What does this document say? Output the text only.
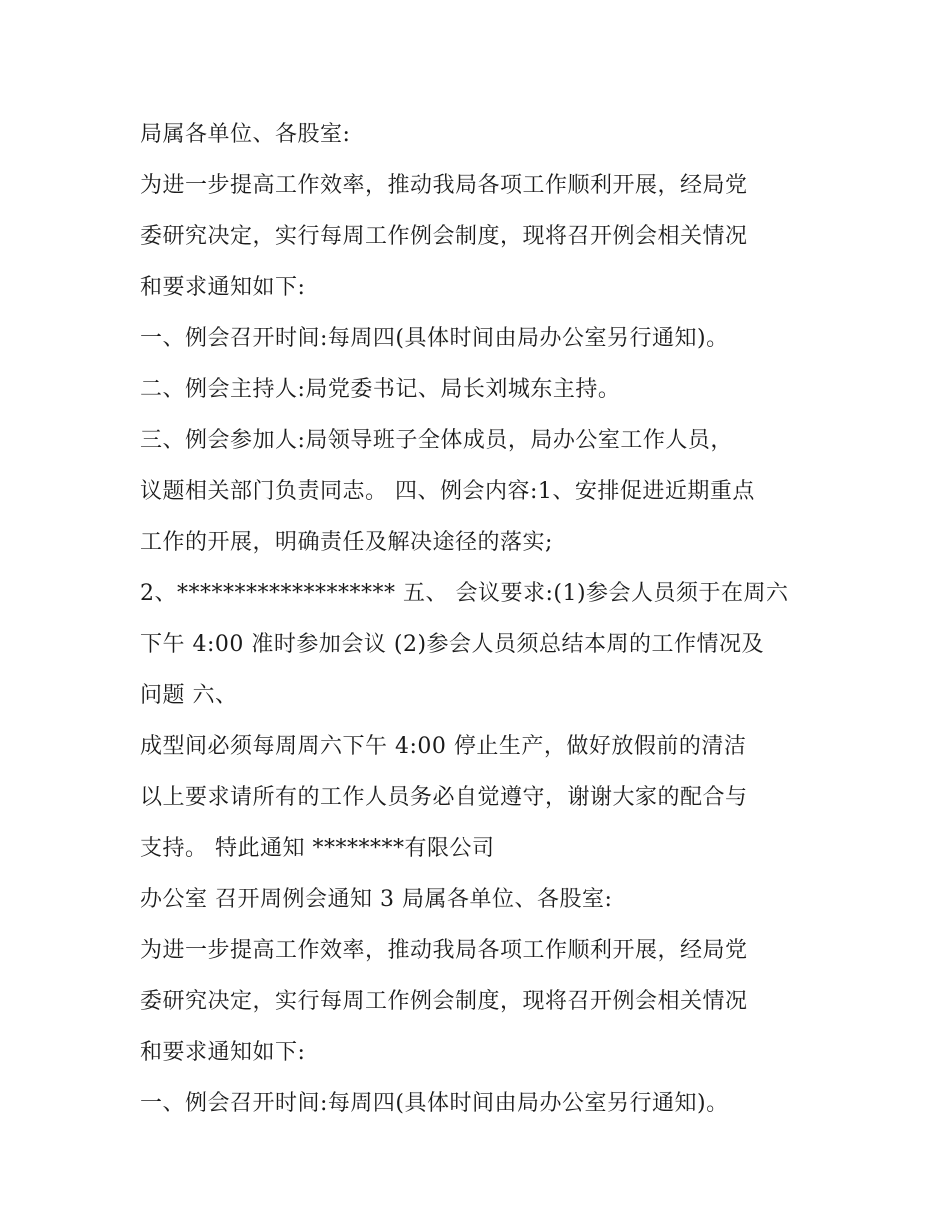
局属各单位、各股室:
为进一步提高工作效率，推动我局各项工作顺利开展，经局党
委研究决定，实行每周工作例会制度，现将召开例会相关情况
和要求通知如下:
一、例会召开时间:每周四(具体时间由局办公室另行通知)。
二、例会主持人:局党委书记、局长刘城东主持。
三、例会参加人:局领导班子全体成员，局办公室工作人员，
议题相关部门负责同志。 四、例会内容:1、安排促进近期重点
工作的开展，明确责任及解决途径的落实;
2、******************* 五、 会议要求:(1)参会人员须于在周六
下午 4:00 准时参加会议 (2)参会人员须总结本周的工作情况及
问题 六、
成型间必须每周周六下午 4:00 停止生产，做好放假前的清洁
以上要求请所有的工作人员务必自觉遵守，谢谢大家的配合与
支持。 特此通知 ********有限公司
办公室 召开周例会通知 3 局属各单位、各股室:
为进一步提高工作效率，推动我局各项工作顺利开展，经局党
委研究决定，实行每周工作例会制度，现将召开例会相关情况
和要求通知如下:
一、例会召开时间:每周四(具体时间由局办公室另行通知)。
